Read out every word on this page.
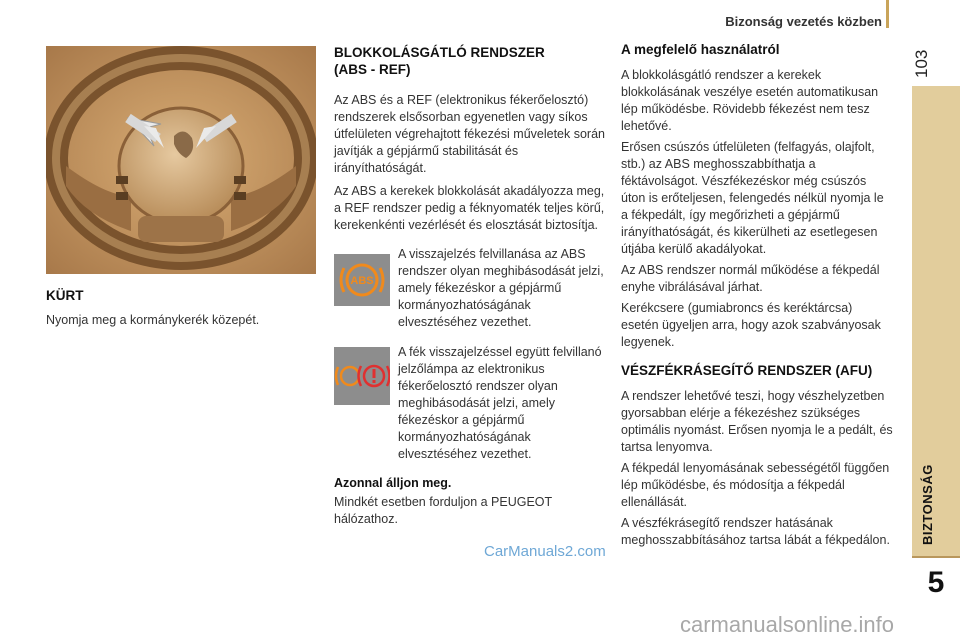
Bizonság vezetés közben
103
BIZTONSÁG
5
KÜRT

Nyomja meg a kormánykerék közepét.

BLOKKOLÁSGÁTLÓ RENDSZER
(ABS - REF)

Az ABS és a REF (elektronikus fékerőelosztó) rendszerek elsősorban egyenetlen vagy síkos útfelületen végrehajtott fékezési műveletek során javítják a gépjármű stabilitását és irányíthatóságát.

Az ABS a kerekek blokkolását akadályozza meg, a REF rendszer pedig a féknyomaték teljes körű, kerekenkénti vezérlését és elosztását biztosítja.

ABS

A visszajelzés felvillanása az ABS rendszer olyan meghibásodását jelzi, amely fékezéskor a gépjármű kormányozhatóságának elvesztéséhez vezethet.

A fék visszajelzéssel együtt felvillanó jelzőlámpa az elektronikus fékerőelosztó rendszer olyan meghibásodását jelzi, amely fékezéskor a gépjármű kormányozhatóságának elvesztéséhez vezethet.

Azonnal álljon meg.

Mindkét esetben forduljon a PEUGEOT hálózathoz.

A megfelelő használatról

A blokkolásgátló rendszer a kerekek blokkolásának veszélye esetén automatikusan lép működésbe. Rövidebb fékezést nem tesz lehetővé.

Erősen csúszós útfelületen (felfagyás, olajfolt, stb.) az ABS meghosszabbíthatja a féktávolságot. Vészfékezéskor még csúszós úton is erőteljesen, felengedés nélkül nyomja le a fékpedált, így megőrizheti a gépjármű irányíthatóságát, és kikerülheti az esetlegesen útjába kerülő akadályokat.

Az ABS rendszer normál működése a fékpedál enyhe vibrálásával járhat.

Kerékcsere (gumiabroncs és keréktárcsa) esetén ügyeljen arra, hogy azok szabványosak legyenek.

VÉSZFÉKRÁSEGÍTŐ RENDSZER (AFU)

A rendszer lehetővé teszi, hogy vészhelyzetben gyorsabban elérje a fékezéshez szükséges optimális nyomást. Erősen nyomja le a pedált, és tartsa lenyomva.

A fékpedál lenyomásának sebességétől függően lép működésbe, és módosítja a fékpedál ellenállását.

A vészfékrásegítő rendszer hatásának meghosszabbításához tartsa lábát a fékpedálon.

CarManuals2.com
carmanualsonline.info
